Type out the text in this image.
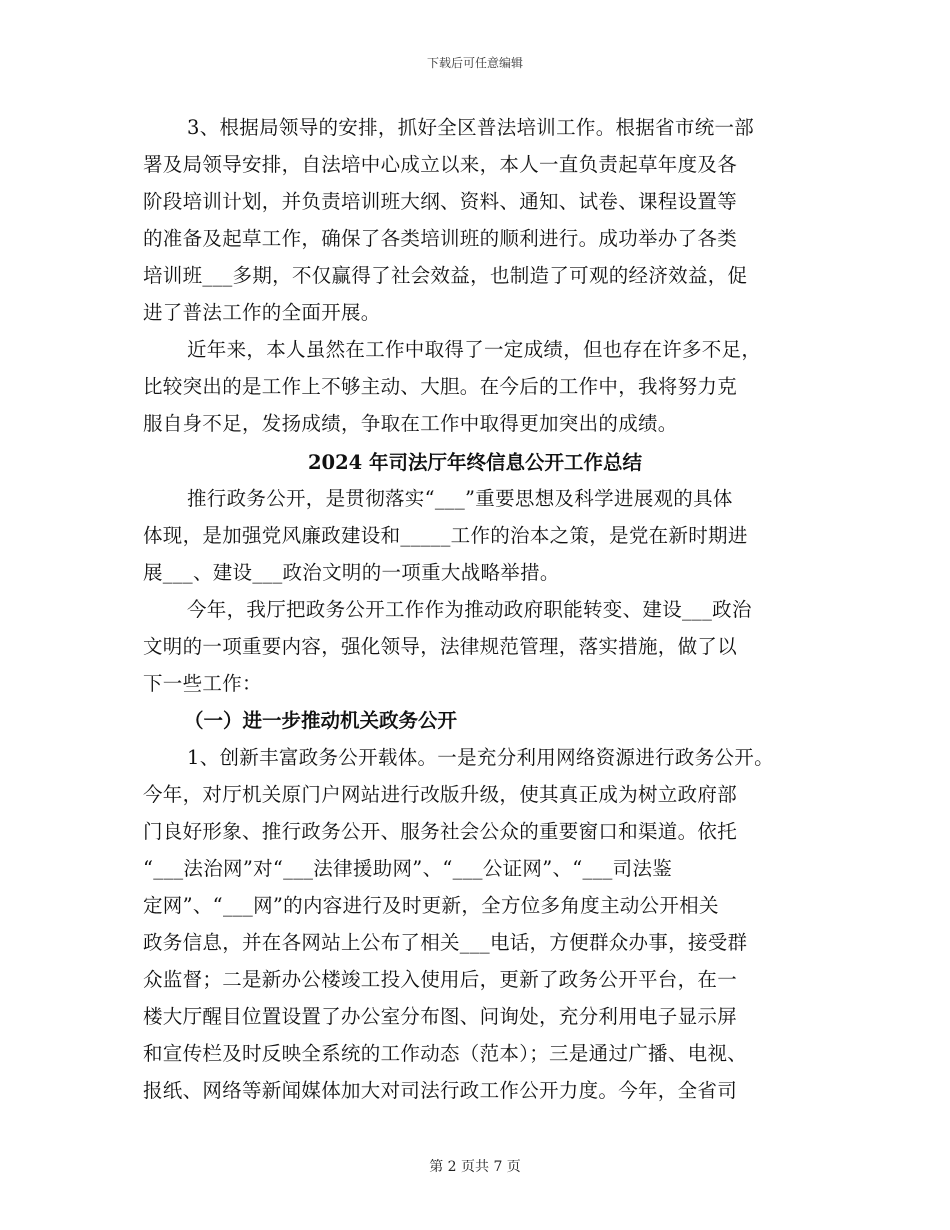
下载后可任意编辑
3、根据局领导的安排，抓好全区普法培训工作。根据省市统一部
署及局领导安排，自法培中心成立以来，本人一直负责起草年度及各
阶段培训计划，并负责培训班大纲、资料、通知、试卷、课程设置等
的准备及起草工作，确保了各类培训班的顺利进行。成功举办了各类
培训班___多期，不仅赢得了社会效益，也制造了可观的经济效益，促
进了普法工作的全面开展。
近年来，本人虽然在工作中取得了一定成绩，但也存在许多不足，
比较突出的是工作上不够主动、大胆。在今后的工作中，我将努力克
服自身不足，发扬成绩，争取在工作中取得更加突出的成绩。
2024 年司法厅年终信息公开工作总结
推行政务公开，是贯彻落实“___”重要思想及科学进展观的具体
体现，是加强党风廉政建设和_____工作的治本之策，是党在新时期进
展___、建设___政治文明的一项重大战略举措。
今年，我厅把政务公开工作作为推动政府职能转变、建设___政治
文明的一项重要内容，强化领导，法律规范管理，落实措施，做了以
下一些工作：
（一）进一步推动机关政务公开
1、创新丰富政务公开载体。一是充分利用网络资源进行政务公开。
今年，对厅机关原门户网站进行改版升级，使其真正成为树立政府部
门良好形象、推行政务公开、服务社会公众的重要窗口和渠道。依托
“___法治网”对“___法律援助网”、“___公证网”、“___司法鉴
定网”、“___网”的内容进行及时更新，全方位多角度主动公开相关
政务信息，并在各网站上公布了相关___电话，方便群众办事，接受群
众监督；二是新办公楼竣工投入使用后，更新了政务公开平台，在一
楼大厅醒目位置设置了办公室分布图、问询处，充分利用电子显示屏
和宣传栏及时反映全系统的工作动态（范本）；三是通过广播、电视、
报纸、网络等新闻媒体加大对司法行政工作公开力度。今年，全省司
第 2 页共 7 页
